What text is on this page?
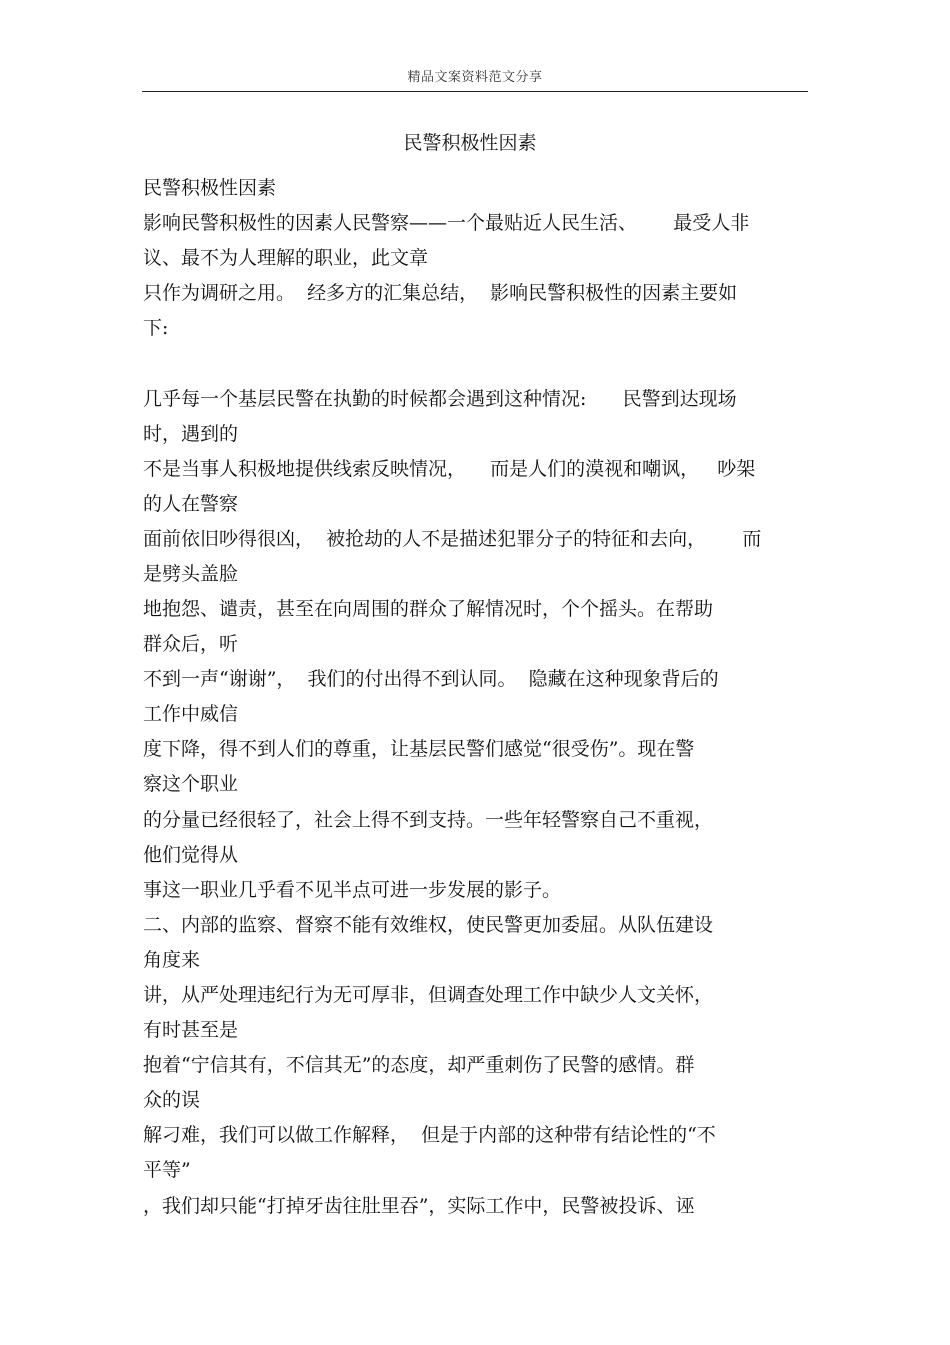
精品文案资料范文分享
民警积极性因素
民警积极性因素
影响民警积极性的因素人民警察——一个最贴近人民生活、      最受人非
议、最不为人理解的职业，此文章
只作为调研之用。  经多方的汇集总结，  影响民警积极性的因素主要如
下:
几乎每一个基层民警在执勤的时候都会遇到这种情况:      民警到达现场
时，遇到的
不是当事人积极地提供线索反映情况，    而是人们的漠视和嘲讽，   吵架
的人在警察
面前依旧吵得很凶，  被抢劫的人不是描述犯罪分子的特征和去向，      而
是劈头盖脸
地抱怨、谴责，甚至在向周围的群众了解情况时，个个摇头。在帮助
群众后，听
不到一声“谢谢”，  我们的付出得不到认同。  隐藏在这种现象背后的
工作中威信
度下降，得不到人们的尊重，让基层民警们感觉“很受伤”。现在警
察这个职业
的分量已经很轻了，社会上得不到支持。一些年轻警察自己不重视，
他们觉得从
事这一职业几乎看不见半点可进一步发展的影子。
二、内部的监察、督察不能有效维权，使民警更加委屈。从队伍建设
角度来
讲，从严处理违纪行为无可厚非，但调查处理工作中缺少人文关怀，
有时甚至是
抱着“宁信其有，不信其无”的态度，却严重刺伤了民警的感情。群
众的误
解刁难，我们可以做工作解释，  但是于内部的这种带有结论性的“不
平等”
，我们却只能“打掉牙齿往肚里吞”，实际工作中，民警被投诉、诬
